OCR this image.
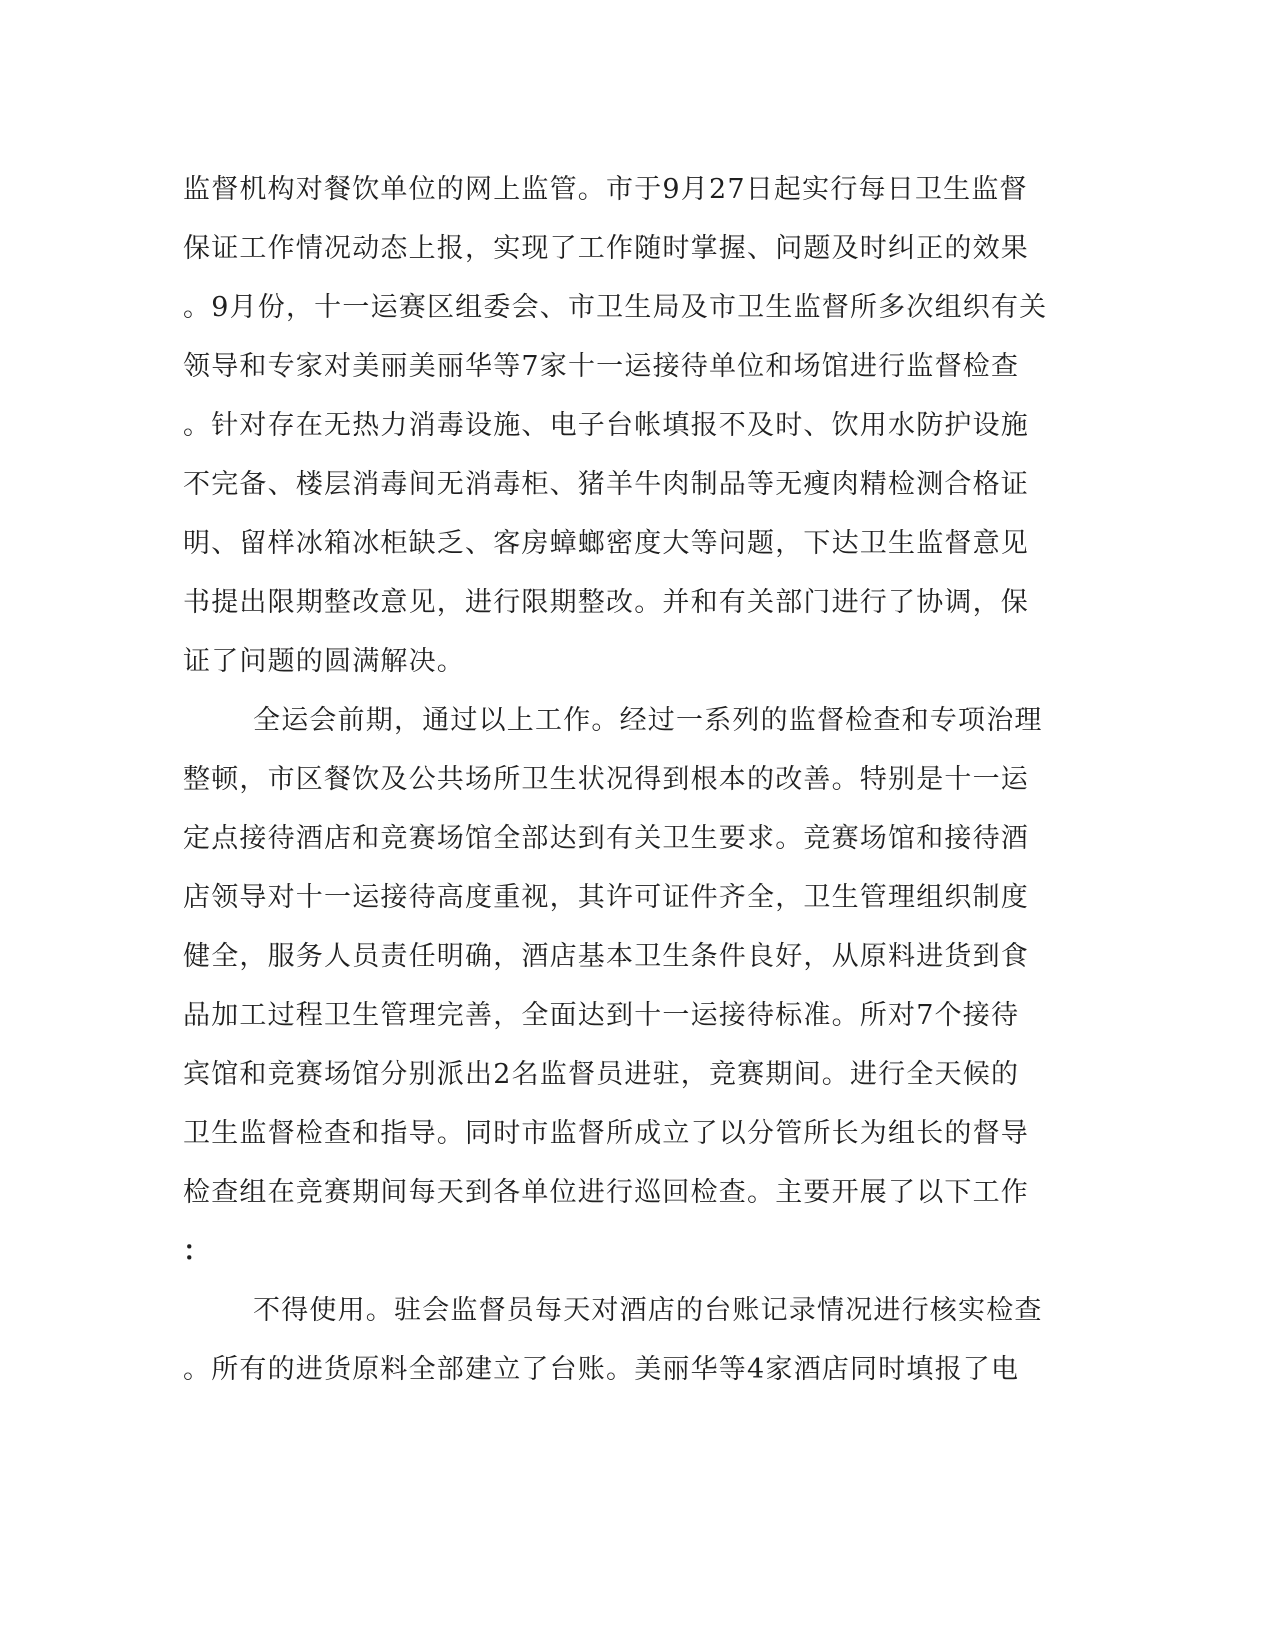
监督机构对餐饮单位的网上监管。市于9月27日起实行每日卫生监督
保证工作情况动态上报，实现了工作随时掌握、问题及时纠正的效果
。9月份，十一运赛区组委会、市卫生局及市卫生监督所多次组织有关
领导和专家对美丽美丽华等7家十一运接待单位和场馆进行监督检查
。针对存在无热力消毒设施、电子台帐填报不及时、饮用水防护设施
不完备、楼层消毒间无消毒柜、猪羊牛肉制品等无瘦肉精检测合格证
明、留样冰箱冰柜缺乏、客房蟑螂密度大等问题，下达卫生监督意见
书提出限期整改意见，进行限期整改。并和有关部门进行了协调，保
证了问题的圆满解决。
全运会前期，通过以上工作。经过一系列的监督检查和专项治理
整顿，市区餐饮及公共场所卫生状况得到根本的改善。特别是十一运
定点接待酒店和竞赛场馆全部达到有关卫生要求。竞赛场馆和接待酒
店领导对十一运接待高度重视，其许可证件齐全，卫生管理组织制度
健全，服务人员责任明确，酒店基本卫生条件良好，从原料进货到食
品加工过程卫生管理完善，全面达到十一运接待标准。所对7个接待
宾馆和竞赛场馆分别派出2名监督员进驻，竞赛期间。进行全天候的
卫生监督检查和指导。同时市监督所成立了以分管所长为组长的督导
检查组在竞赛期间每天到各单位进行巡回检查。主要开展了以下工作
：
不得使用。驻会监督员每天对酒店的台账记录情况进行核实检查
。所有的进货原料全部建立了台账。美丽华等4家酒店同时填报了电
